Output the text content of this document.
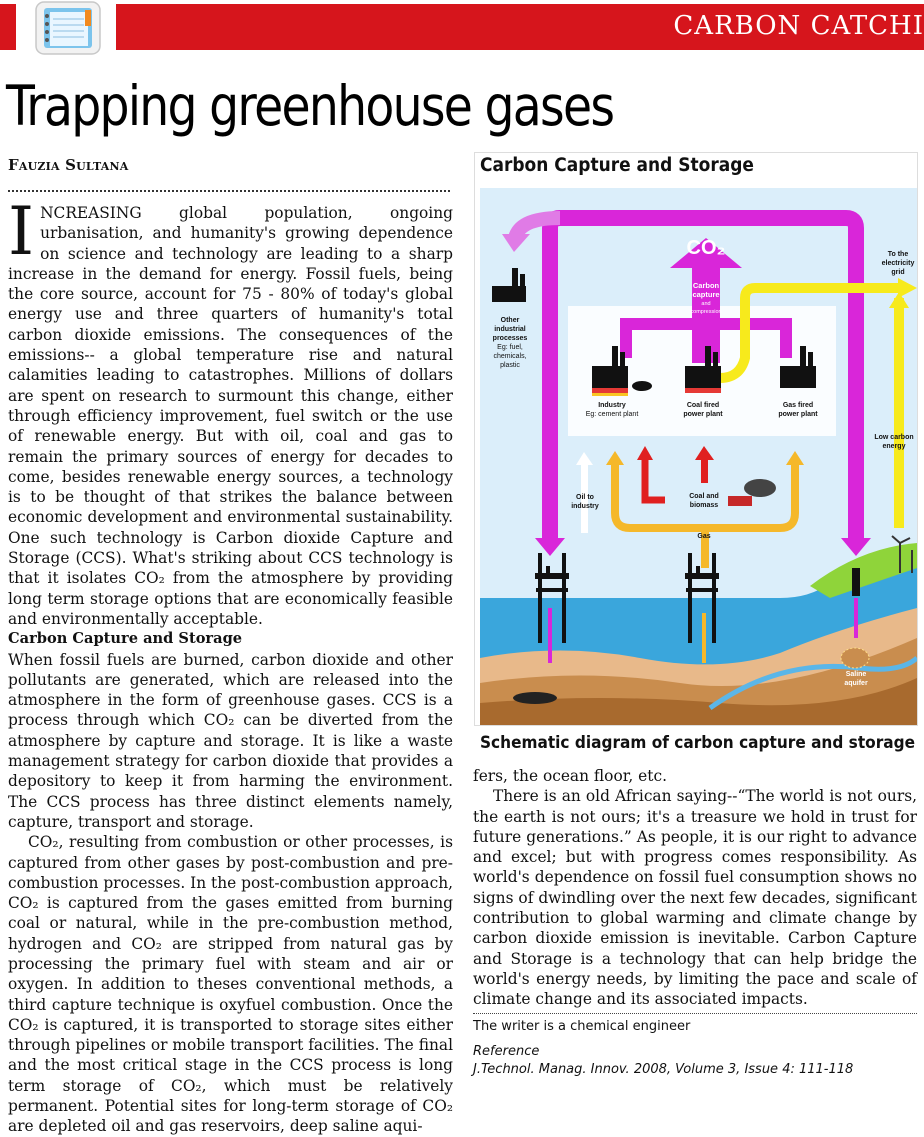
CARBON CATCHI
Trapping greenhouse gases
Fauzia Sultana

INCREASING global population, ongoing urbanisation, and humanity's growing dependence on science and technology are leading to a sharp increase in the demand for energy. Fossil fuels, being the core source, account for 75 - 80% of today's global energy use and three quarters of humanity's total carbon dioxide emissions. The consequences of the emissions-- a global temperature rise and natural calamities leading to catastrophes. Millions of dollars are spent on research to surmount this change, either through efficiency improvement, fuel switch or the use of renewable energy. But with oil, coal and gas to remain the primary sources of energy for decades to come, besides renewable energy sources, a technology is to be thought of that strikes the balance between economic development and environmental sustainability. One such technology is Carbon dioxide Capture and Storage (CCS). What's striking about CCS technology is that it isolates CO₂ from the atmosphere by providing long term storage options that are economically feasible and environmentally acceptable.

Carbon Capture and Storage

When fossil fuels are burned, carbon dioxide and other pollutants are generated, which are released into the atmosphere in the form of greenhouse gases. CCS is a process through which CO₂ can be diverted from the atmosphere by capture and storage. It is like a waste management strategy for carbon dioxide that provides a depository to keep it from harming the environment. The CCS process has three distinct elements namely, capture, transport and storage.

CO₂, resulting from combustion or other processes, is captured from other gases by post-combustion and pre-combustion processes. In the post-combustion approach, CO₂ is captured from the gases emitted from burning coal or natural, while in the pre-combustion method, hydrogen and CO₂ are stripped from natural gas by processing the primary fuel with steam and air or oxygen. In addition to theses conventional methods, a third capture technique is oxyfuel combustion. Once the CO₂ is captured, it is transported to storage sites either through pipelines or mobile transport facilities. The final and the most critical stage in the CCS process is long term storage of CO₂, which must be relatively permanent. Potential sites for long-term storage of CO₂ are depleted oil and gas reservoirs, deep saline aqui-

Carbon Capture and Storage
CO₂
Carbon
capture
and
compression
To the
electricity
grid
Other
industrial
processes
Eg: fuel,
chemicals,
plastic
Industry
Eg: cement plant
Coal fired
power plant
Gas fired
power plant
Low carbon
energy
Oil to
industry
Coal and
biomass
Gas
Saline
aquifer
Schematic diagram of carbon capture and storage

fers, the ocean floor, etc.

There is an old African saying--“The world is not ours, the earth is not ours; it's a treasure we hold in trust for future generations.” As people, it is our right to advance and excel; but with progress comes responsibility. As world's dependence on fossil fuel consumption shows no signs of dwindling over the next few decades, significant contribution to global warming and climate change by carbon dioxide emission is inevitable. Carbon Capture and Storage is a technology that can help bridge the world's energy needs, by limiting the pace and scale of climate change and its associated impacts.

The writer is a chemical engineer
Reference
J.Technol. Manag. Innov. 2008, Volume 3, Issue 4: 111-118
